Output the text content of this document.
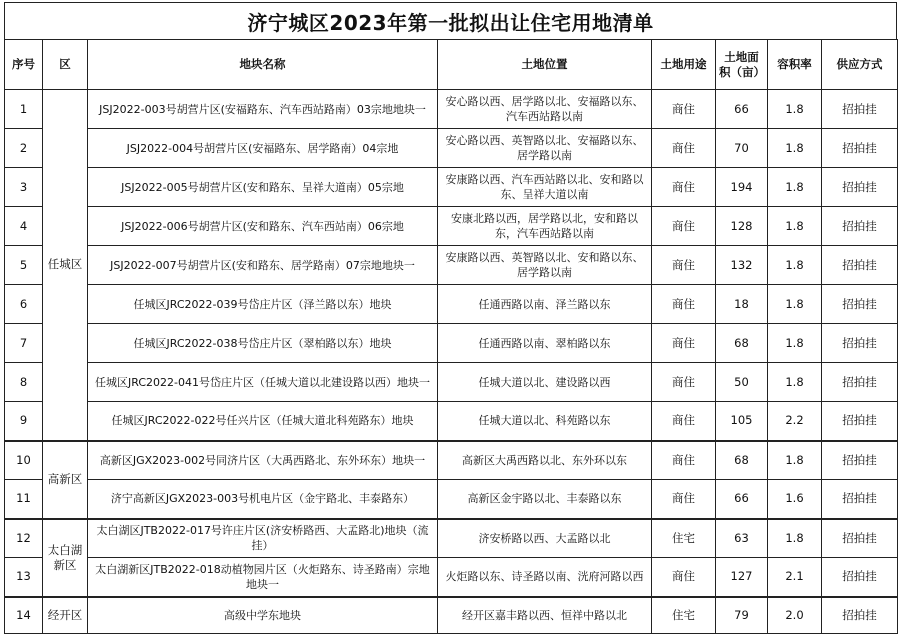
济宁城区2023年第一批拟出让住宅用地清单
序号	区	地块名称	土地位置	土地用途	土地面积（亩）	容积率	供应方式
1	任城区	JSJ2022-003号胡营片区(安福路东、汽车西站路南）03宗地地块一	安心路以西、居学路以北、安福路以东、汽车西站路以南	商住	66	1.8	招拍挂
2		JSJ2022-004号胡营片区(安福路东、居学路南）04宗地	安心路以西、英智路以北、安福路以东、居学路以南	商住	70	1.8	招拍挂
3		JSJ2022-005号胡营片区(安和路东、呈祥大道南）05宗地	安康路以西、汽车西站路以北、安和路以东、呈祥大道以南	商住	194	1.8	招拍挂
4		JSJ2022-006号胡营片区(安和路东、汽车西站南）06宗地	安康北路以西，居学路以北，安和路以东，汽车西站路以南	商住	128	1.8	招拍挂
5		JSJ2022-007号胡营片区(安和路东、居学路南）07宗地地块一	安康路以西、英智路以北、安和路以东、居学路以南	商住	132	1.8	招拍挂
6		任城区JRC2022-039号岱庄片区（泽兰路以东）地块	任通西路以南、泽兰路以东	商住	18	1.8	招拍挂
7		任城区JRC2022-038号岱庄片区（翠柏路以东）地块	任通西路以南、翠柏路以东	商住	68	1.8	招拍挂
8		任城区JRC2022-041号岱庄片区（任城大道以北建设路以西）地块一	任城大道以北、建设路以西	商住	50	1.8	招拍挂
9		任城区JRC2022-022号任兴片区（任城大道北科苑路东）地块	任城大道以北、科苑路以东	商住	105	2.2	招拍挂
10	高新区	高新区JGX2023-002号同济片区（大禹西路北、东外环东）地块一	高新区大禹西路以北、东外环以东	商住	68	1.8	招拍挂
11		济宁高新区JGX2023-003号机电片区（金宇路北、丰泰路东）	高新区金宇路以北、丰泰路以东	商住	66	1.6	招拍挂
12	太白湖新区	太白湖区JTB2022-017号许庄片区(济安桥路西、大孟路北)地块（流挂）	济安桥路以西、大孟路以北	住宅	63	1.8	招拍挂
13		太白湖新区JTB2022-018动植物园片区（火炬路东、诗圣路南）宗地地块一	火炬路以东、诗圣路以南、洸府河路以西	商住	127	2.1	招拍挂
14	经开区	高级中学东地块	经开区嘉丰路以西、恒祥中路以北	住宅	79	2.0	招拍挂
